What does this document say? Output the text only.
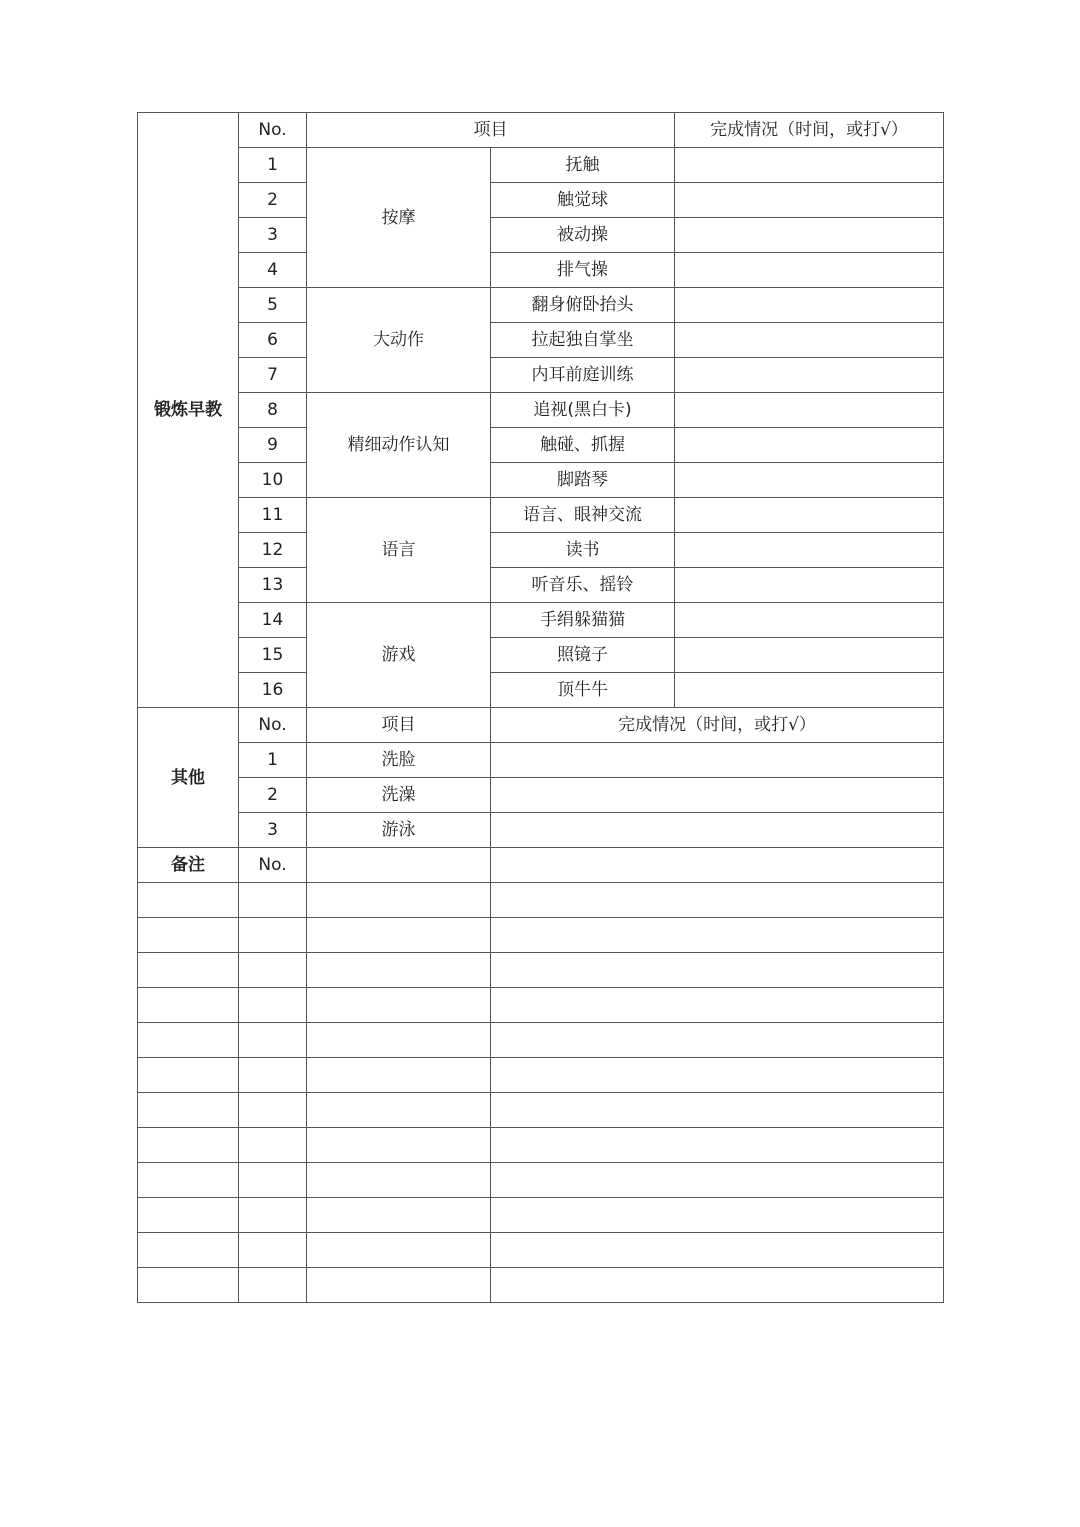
锻炼早教	No.	项目		完成情况（时间，或打√）
	1	按摩	抚触	
	2		触觉球	
	3		被动操	
	4		排气操	
	5	大动作	翻身俯卧抬头	
	6		拉起独自掌坐	
	7		内耳前庭训练	
	8	精细动作认知	追视(黑白卡)	
	9		触碰、抓握	
	10		脚踏琴	
	11	语言	语言、眼神交流	
	12		读书	
	13		听音乐、摇铃	
	14	游戏	手绢躲猫猫	
	15		照镜子	
	16		顶牛牛	
其他	No.	项目	完成情况（时间，或打√）	
	1	洗脸		
	2	洗澡		
	3	游泳		
备注	No.			
